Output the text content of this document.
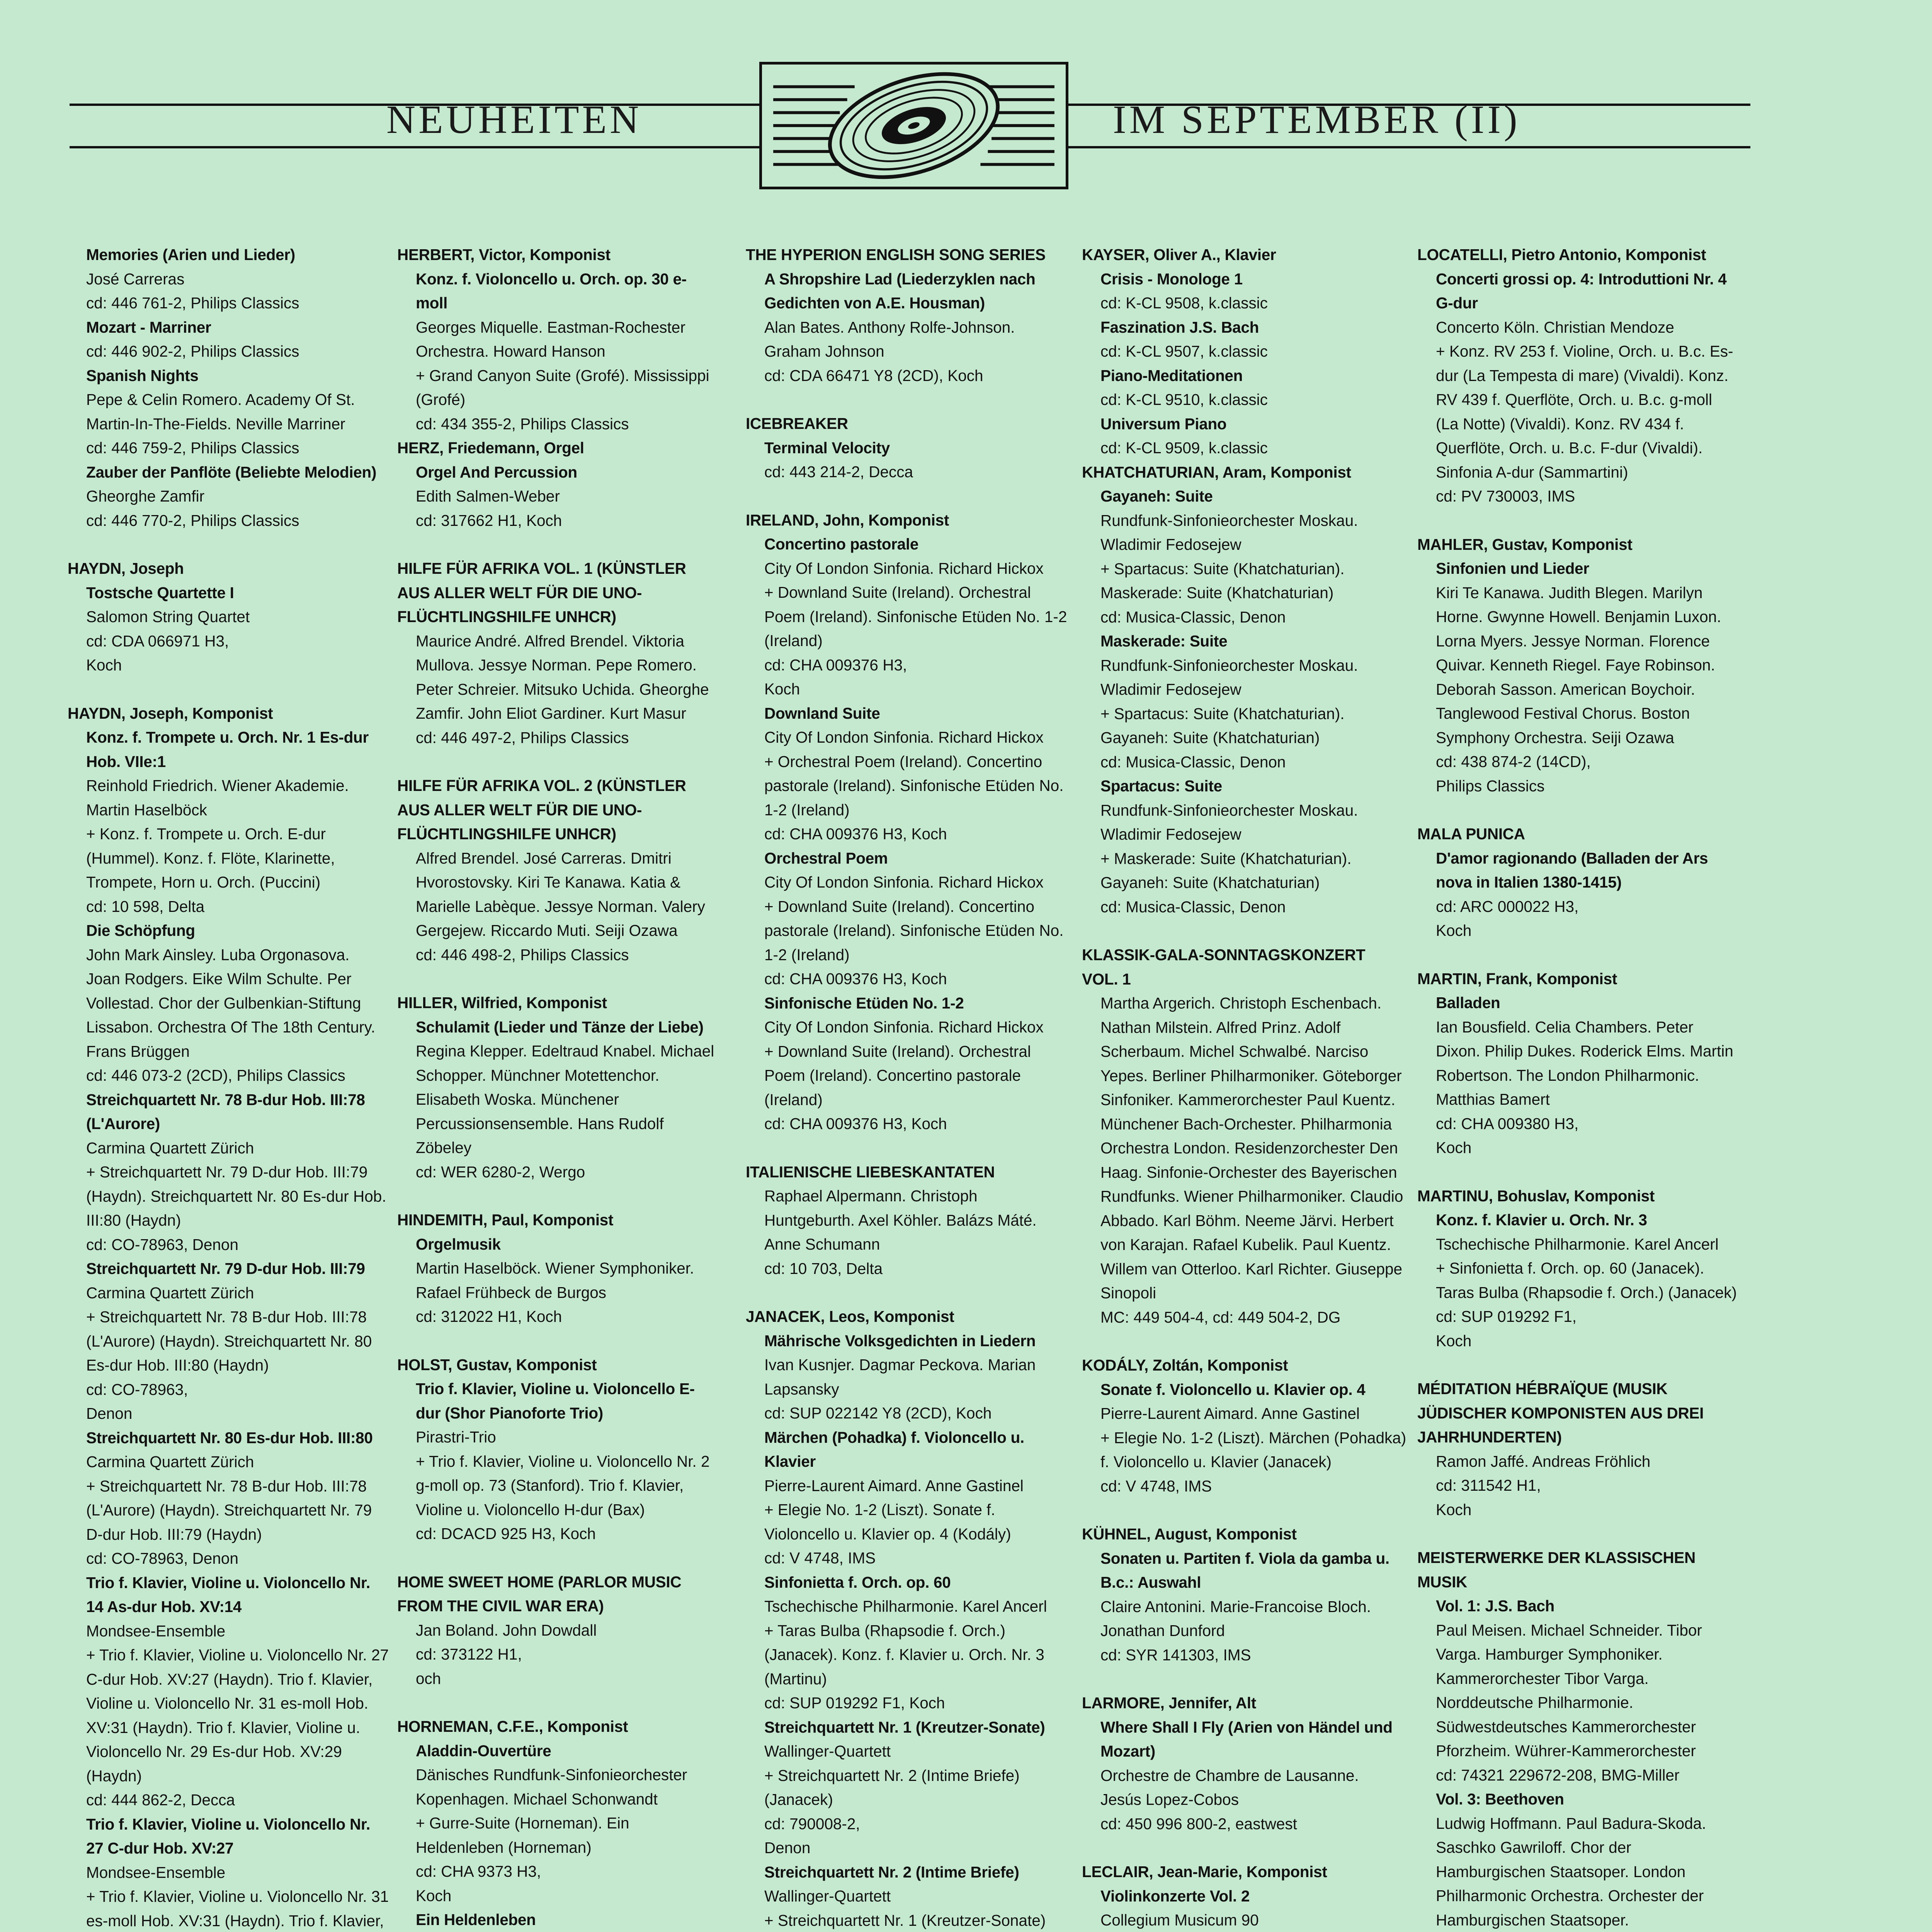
NEUHEITEN	IM SEPTEMBER (II)
Memories (Arien und Lieder)
José Carreras
cd: 446 761-2, Philips Classics
Mozart - Marriner
cd: 446 902-2, Philips Classics
Spanish Nights
Pepe & Celin Romero. Academy Of St.
Martin-In-The-Fields. Neville Marriner
cd: 446 759-2, Philips Classics
Zauber der Panflöte (Beliebte Melodien)
Gheorghe Zamfir
cd: 446 770-2, Philips Classics
HAYDN, Joseph
Tostsche Quartette I
Salomon String Quartet
cd: CDA 066971 H3,
Koch
HAYDN, Joseph, Komponist
Konz. f. Trompete u. Orch. Nr. 1 Es-dur
Hob. VIIe:1
Reinhold Friedrich. Wiener Akademie.
Martin Haselböck
+ Konz. f. Trompete u. Orch. E-dur
(Hummel). Konz. f. Flöte, Klarinette,
Trompete, Horn u. Orch. (Puccini)
cd: 10 598, Delta
Die Schöpfung
John Mark Ainsley. Luba Orgonasova.
Joan Rodgers. Eike Wilm Schulte. Per
Vollestad. Chor der Gulbenkian-Stiftung
Lissabon. Orchestra Of The 18th Century.
Frans Brüggen
cd: 446 073-2 (2CD), Philips Classics
Streichquartett Nr. 78 B-dur Hob. III:78
(L'Aurore)
Carmina Quartett Zürich
+ Streichquartett Nr. 79 D-dur Hob. III:79
(Haydn). Streichquartett Nr. 80 Es-dur Hob.
III:80 (Haydn)
cd: CO-78963, Denon
Streichquartett Nr. 79 D-dur Hob. III:79
Carmina Quartett Zürich
+ Streichquartett Nr. 78 B-dur Hob. III:78
(L'Aurore) (Haydn). Streichquartett Nr. 80
Es-dur Hob. III:80 (Haydn)
cd: CO-78963,
Denon
Streichquartett Nr. 80 Es-dur Hob. III:80
Carmina Quartett Zürich
+ Streichquartett Nr. 78 B-dur Hob. III:78
(L'Aurore) (Haydn). Streichquartett Nr. 79
D-dur Hob. III:79 (Haydn)
cd: CO-78963, Denon
Trio f. Klavier, Violine u. Violoncello Nr.
14 As-dur Hob. XV:14
Mondsee-Ensemble
+ Trio f. Klavier, Violine u. Violoncello Nr. 27
C-dur Hob. XV:27 (Haydn). Trio f. Klavier,
Violine u. Violoncello Nr. 31 es-moll Hob.
XV:31 (Haydn). Trio f. Klavier, Violine u.
Violoncello Nr. 29 Es-dur Hob. XV:29
(Haydn)
cd: 444 862-2, Decca
Trio f. Klavier, Violine u. Violoncello Nr.
27 C-dur Hob. XV:27
Mondsee-Ensemble
+ Trio f. Klavier, Violine u. Violoncello Nr. 31
es-moll Hob. XV:31 (Haydn). Trio f. Klavier,
HERBERT, Victor, Komponist
Konz. f. Violoncello u. Orch. op. 30 e-
moll
Georges Miquelle. Eastman-Rochester
Orchestra. Howard Hanson
+ Grand Canyon Suite (Grofé). Mississippi
(Grofé)
cd: 434 355-2, Philips Classics
HERZ, Friedemann, Orgel
Orgel And Percussion
Edith Salmen-Weber
cd: 317662 H1, Koch
HILFE FÜR AFRIKA VOL. 1 (KÜNSTLER
AUS ALLER WELT FÜR DIE UNO-
FLÜCHTLINGSHILFE UNHCR)
Maurice André. Alfred Brendel. Viktoria
Mullova. Jessye Norman. Pepe Romero.
Peter Schreier. Mitsuko Uchida. Gheorghe
Zamfir. John Eliot Gardiner. Kurt Masur
cd: 446 497-2, Philips Classics
HILFE FÜR AFRIKA VOL. 2 (KÜNSTLER
AUS ALLER WELT FÜR DIE UNO-
FLÜCHTLINGSHILFE UNHCR)
Alfred Brendel. José Carreras. Dmitri
Hvorostovsky. Kiri Te Kanawa. Katia &
Marielle Labèque. Jessye Norman. Valery
Gergejew. Riccardo Muti. Seiji Ozawa
cd: 446 498-2, Philips Classics
HILLER, Wilfried, Komponist
Schulamit (Lieder und Tänze der Liebe)
Regina Klepper. Edeltraud Knabel. Michael
Schopper. Münchner Motettenchor.
Elisabeth Woska. Münchener
Percussionsensemble. Hans Rudolf
Zöbeley
cd: WER 6280-2, Wergo
HINDEMITH, Paul, Komponist
Orgelmusik
Martin Haselböck. Wiener Symphoniker.
Rafael Frühbeck de Burgos
cd: 312022 H1, Koch
HOLST, Gustav, Komponist
Trio f. Klavier, Violine u. Violoncello E-
dur (Shor Pianoforte Trio)
Pirastri-Trio
+ Trio f. Klavier, Violine u. Violoncello Nr. 2
g-moll op. 73 (Stanford). Trio f. Klavier,
Violine u. Violoncello H-dur (Bax)
cd: DCACD 925 H3, Koch
HOME SWEET HOME (PARLOR MUSIC
FROM THE CIVIL WAR ERA)
Jan Boland. John Dowdall
cd: 373122 H1,
och
HORNEMAN, C.F.E., Komponist
Aladdin-Ouvertüre
Dänisches Rundfunk-Sinfonieorchester
Kopenhagen. Michael Schonwandt
+ Gurre-Suite (Horneman). Ein
Heldenleben (Horneman)
cd: CHA 9373 H3,
Koch
Ein Heldenleben
THE HYPERION ENGLISH SONG SERIES
A Shropshire Lad (Liederzyklen nach
Gedichten von A.E. Housman)
Alan Bates. Anthony Rolfe-Johnson.
Graham Johnson
cd: CDA 66471 Y8 (2CD), Koch
ICEBREAKER
Terminal Velocity
cd: 443 214-2, Decca
IRELAND, John, Komponist
Concertino pastorale
City Of London Sinfonia. Richard Hickox
+ Downland Suite (Ireland). Orchestral
Poem (Ireland). Sinfonische Etüden No. 1-2
(Ireland)
cd: CHA 009376 H3,
Koch
Downland Suite
City Of London Sinfonia. Richard Hickox
+ Orchestral Poem (Ireland). Concertino
pastorale (Ireland). Sinfonische Etüden No.
1-2 (Ireland)
cd: CHA 009376 H3, Koch
Orchestral Poem
City Of London Sinfonia. Richard Hickox
+ Downland Suite (Ireland). Concertino
pastorale (Ireland). Sinfonische Etüden No.
1-2 (Ireland)
cd: CHA 009376 H3, Koch
Sinfonische Etüden No. 1-2
City Of London Sinfonia. Richard Hickox
+ Downland Suite (Ireland). Orchestral
Poem (Ireland). Concertino pastorale
(Ireland)
cd: CHA 009376 H3, Koch
ITALIENISCHE LIEBESKANTATEN
Raphael Alpermann. Christoph
Huntgeburth. Axel Köhler. Balázs Máté.
Anne Schumann
cd: 10 703, Delta
JANACEK, Leos, Komponist
Mährische Volksgedichten in Liedern
Ivan Kusnjer. Dagmar Peckova. Marian
Lapsansky
cd: SUP 022142 Y8 (2CD), Koch
Märchen (Pohadka) f. Violoncello u.
Klavier
Pierre-Laurent Aimard. Anne Gastinel
+ Elegie No. 1-2 (Liszt). Sonate f.
Violoncello u. Klavier op. 4 (Kodály)
cd: V 4748, IMS
Sinfonietta f. Orch. op. 60
Tschechische Philharmonie. Karel Ancerl
+ Taras Bulba (Rhapsodie f. Orch.)
(Janacek). Konz. f. Klavier u. Orch. Nr. 3
(Martinu)
cd: SUP 019292 F1, Koch
Streichquartett Nr. 1 (Kreutzer-Sonate)
Wallinger-Quartett
+ Streichquartett Nr. 2 (Intime Briefe)
(Janacek)
cd: 790008-2,
Denon
Streichquartett Nr. 2 (Intime Briefe)
Wallinger-Quartett
+ Streichquartett Nr. 1 (Kreutzer-Sonate)
KAYSER, Oliver A., Klavier
Crisis - Monologe 1
cd: K-CL 9508, k.classic
Faszination J.S. Bach
cd: K-CL 9507, k.classic
Piano-Meditationen
cd: K-CL 9510, k.classic
Universum Piano
cd: K-CL 9509, k.classic
KHATCHATURIAN, Aram, Komponist
Gayaneh: Suite
Rundfunk-Sinfonieorchester Moskau.
Wladimir Fedosejew
+ Spartacus: Suite (Khatchaturian).
Maskerade: Suite (Khatchaturian)
cd: Musica-Classic, Denon
Maskerade: Suite
Rundfunk-Sinfonieorchester Moskau.
Wladimir Fedosejew
+ Spartacus: Suite (Khatchaturian).
Gayaneh: Suite (Khatchaturian)
cd: Musica-Classic, Denon
Spartacus: Suite
Rundfunk-Sinfonieorchester Moskau.
Wladimir Fedosejew
+ Maskerade: Suite (Khatchaturian).
Gayaneh: Suite (Khatchaturian)
cd: Musica-Classic, Denon
KLASSIK-GALA-SONNTAGSKONZERT
VOL. 1
Martha Argerich. Christoph Eschenbach.
Nathan Milstein. Alfred Prinz. Adolf
Scherbaum. Michel Schwalbé. Narciso
Yepes. Berliner Philharmoniker. Göteborger
Sinfoniker. Kammerorchester Paul Kuentz.
Münchener Bach-Orchester. Philharmonia
Orchestra London. Residenzorchester Den
Haag. Sinfonie-Orchester des Bayerischen
Rundfunks. Wiener Philharmoniker. Claudio
Abbado. Karl Böhm. Neeme Järvi. Herbert
von Karajan. Rafael Kubelik. Paul Kuentz.
Willem van Otterloo. Karl Richter. Giuseppe
Sinopoli
MC: 449 504-4, cd: 449 504-2, DG
KODÁLY, Zoltán, Komponist
Sonate f. Violoncello u. Klavier op. 4
Pierre-Laurent Aimard. Anne Gastinel
+ Elegie No. 1-2 (Liszt). Märchen (Pohadka)
f. Violoncello u. Klavier (Janacek)
cd: V 4748, IMS
KÜHNEL, August, Komponist
Sonaten u. Partiten f. Viola da gamba u.
B.c.: Auswahl
Claire Antonini. Marie-Francoise Bloch.
Jonathan Dunford
cd: SYR 141303, IMS
LARMORE, Jennifer, Alt
Where Shall I Fly (Arien von Händel und
Mozart)
Orchestre de Chambre de Lausanne.
Jesús Lopez-Cobos
cd: 450 996 800-2, eastwest
LECLAIR, Jean-Marie, Komponist
Violinkonzerte Vol. 2
Collegium Musicum 90
LOCATELLI, Pietro Antonio, Komponist
Concerti grossi op. 4: Introduttioni Nr. 4
G-dur
Concerto Köln. Christian Mendoze
+ Konz. RV 253 f. Violine, Orch. u. B.c. Es-
dur (La Tempesta di mare) (Vivaldi). Konz.
RV 439 f. Querflöte, Orch. u. B.c. g-moll
(La Notte) (Vivaldi). Konz. RV 434 f.
Querflöte, Orch. u. B.c. F-dur (Vivaldi).
Sinfonia A-dur (Sammartini)
cd: PV 730003, IMS
MAHLER, Gustav, Komponist
Sinfonien und Lieder
Kiri Te Kanawa. Judith Blegen. Marilyn
Horne. Gwynne Howell. Benjamin Luxon.
Lorna Myers. Jessye Norman. Florence
Quivar. Kenneth Riegel. Faye Robinson.
Deborah Sasson. American Boychoir.
Tanglewood Festival Chorus. Boston
Symphony Orchestra. Seiji Ozawa
cd: 438 874-2 (14CD),
Philips Classics
MALA PUNICA
D'amor ragionando (Balladen der Ars
nova in Italien 1380-1415)
cd: ARC 000022 H3,
Koch
MARTIN, Frank, Komponist
Balladen
Ian Bousfield. Celia Chambers. Peter
Dixon. Philip Dukes. Roderick Elms. Martin
Robertson. The London Philharmonic.
Matthias Bamert
cd: CHA 009380 H3,
Koch
MARTINU, Bohuslav, Komponist
Konz. f. Klavier u. Orch. Nr. 3
Tschechische Philharmonie. Karel Ancerl
+ Sinfonietta f. Orch. op. 60 (Janacek).
Taras Bulba (Rhapsodie f. Orch.) (Janacek)
cd: SUP 019292 F1,
Koch
MÉDITATION HÉBRAÏQUE (MUSIK
JÜDISCHER KOMPONISTEN AUS DREI
JAHRHUNDERTEN)
Ramon Jaffé. Andreas Fröhlich
cd: 311542 H1,
Koch
MEISTERWERKE DER KLASSISCHEN
MUSIK
Vol. 1: J.S. Bach
Paul Meisen. Michael Schneider. Tibor
Varga. Hamburger Symphoniker.
Kammerorchester Tibor Varga.
Norddeutsche Philharmonie.
Südwestdeutsches Kammerorchester
Pforzheim. Wührer-Kammerorchester
cd: 74321 229672-208, BMG-Miller
Vol. 3: Beethoven
Ludwig Hoffmann. Paul Badura-Skoda.
Saschko Gawriloff. Chor der
Hamburgischen Staatsoper. London
Philharmonic Orchestra. Orchester der
Hamburgischen Staatsoper.
